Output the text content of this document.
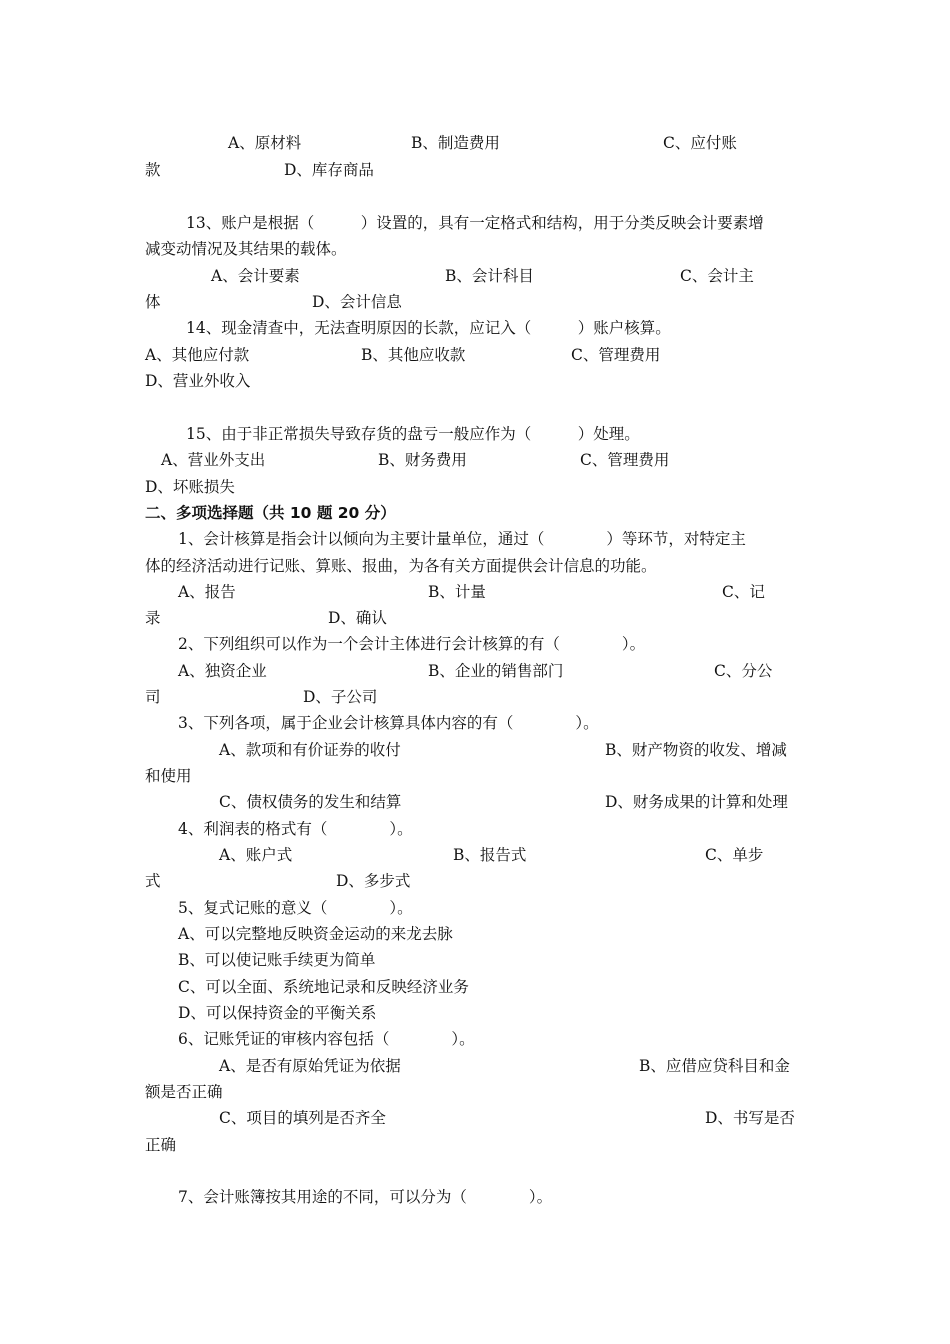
A、原材料	B、制造费用	C、应付账

款	D、库存商品

13、账户是根据（　　　）设置的，具有一定格式和结构，用于分类反映会计要素增

减变动情况及其结果的载体。

A、会计要素	B、会计科目	C、会计主

体	D、会计信息

14、现金清查中，无法查明原因的长款，应记入（　　　）账户核算。

A、其他应付款	B、其他应收款	C、管理费用

D、营业外收入

15、由于非正常损失导致存货的盘亏一般应作为（　　　）处理。

A、营业外支出	B、财务费用	C、管理费用

D、坏账损失

二、多项选择题（共 10 题 20 分）

1、会计核算是指会计以倾向为主要计量单位，通过（　　　　）等环节，对特定主

体的经济活动进行记账、算账、报曲，为各有关方面提供会计信息的功能。

A、报告	B、计量	C、记

录	D、确认

2、下列组织可以作为一个会计主体进行会计核算的有（　　　　）。

A、独资企业	B、企业的销售部门	C、分公

司	D、子公司

3、下列各项，属于企业会计核算具体内容的有（　　　　）。

A、款项和有价证券的收付	B、财产物资的收发、增减

和使用

C、债权债务的发生和结算	D、财务成果的计算和处理

4、利润表的格式有（　　　　）。

A、账户式	B、报告式	C、单步

式	D、多步式

5、复式记账的意义（　　　　）。

A、可以完整地反映资金运动的来龙去脉

B、可以使记账手续更为简单

C、可以全面、系统地记录和反映经济业务

D、可以保持资金的平衡关系

6、记账凭证的审核内容包括（　　　　）。

A、是否有原始凭证为依据	B、应借应贷科目和金

额是否正确

C、项目的填列是否齐全	D、书写是否

正确

7、会计账簿按其用途的不同，可以分为（　　　　）。
